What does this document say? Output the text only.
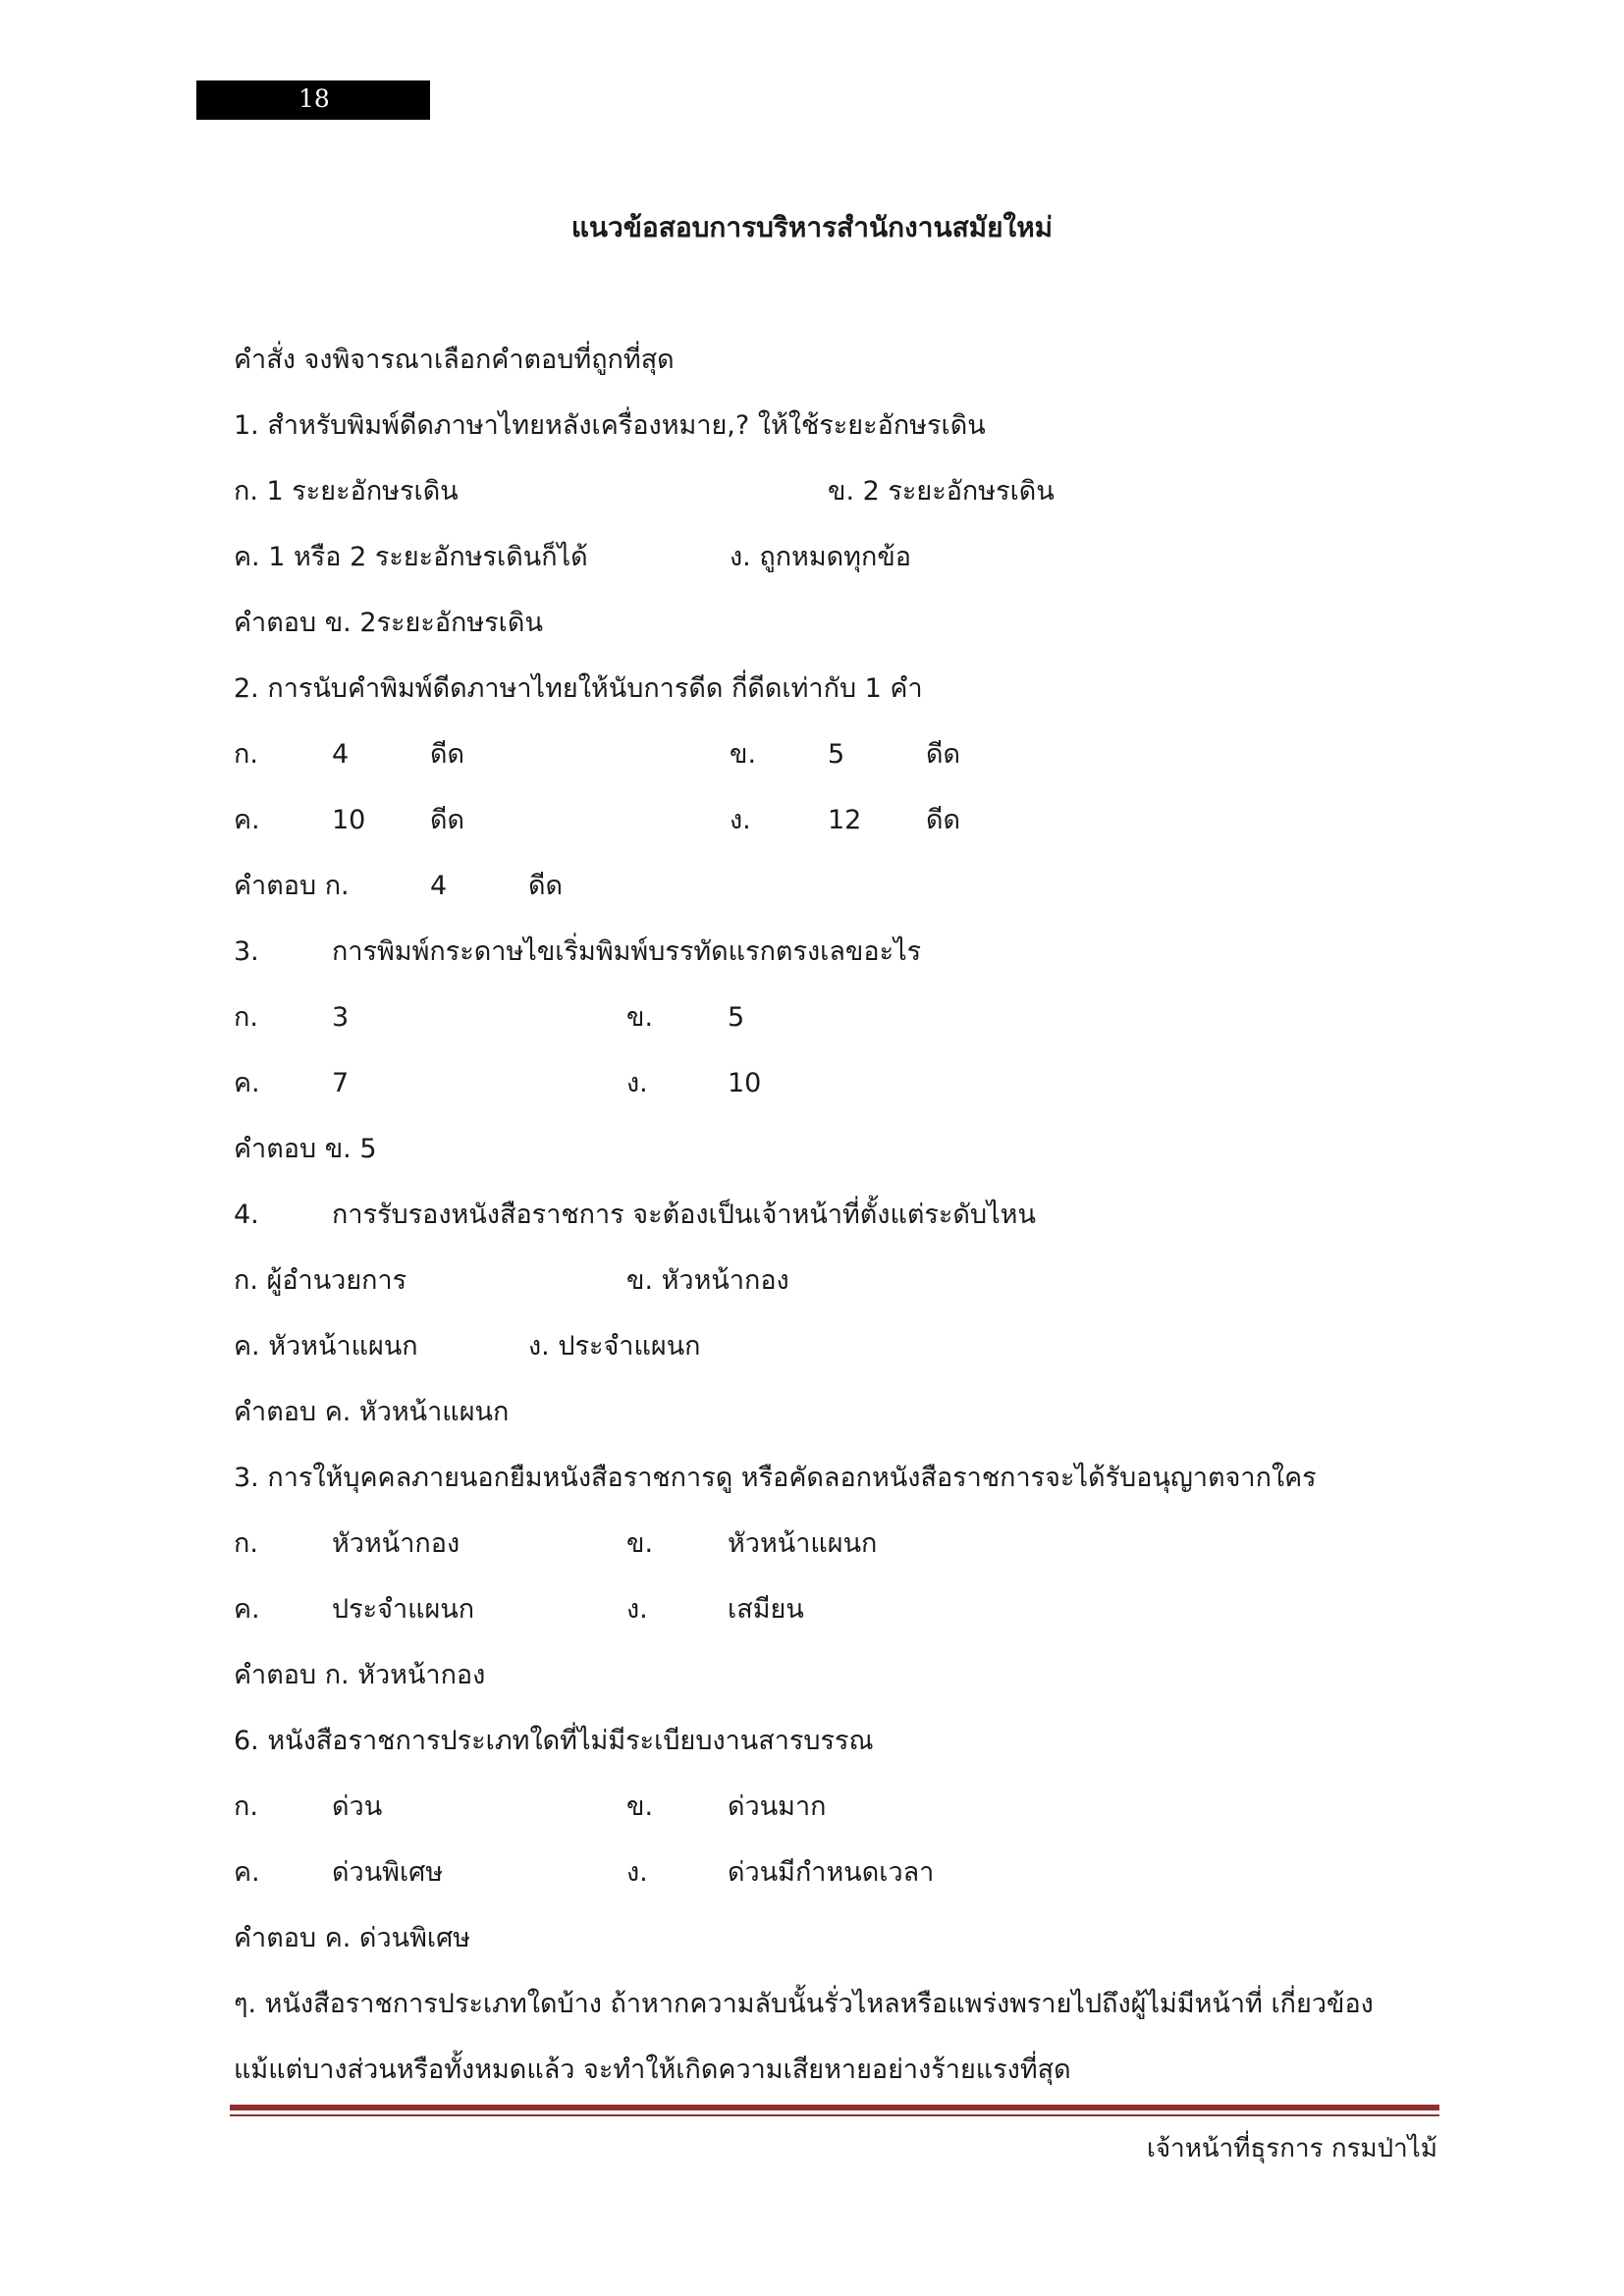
18
แนวข้อสอบการบริหารสำนักงานสมัยใหม่
คำสั่ง จงพิจารณาเลือกคำตอบที่ถูกที่สุด
1. สำหรับพิมพ์ดีดภาษาไทยหลังเครื่องหมาย,? ให้ใช้ระยะอักษรเดิน
ก. 1 ระยะอักษรเดิน	ข. 2 ระยะอักษรเดิน
ค. 1 หรือ 2 ระยะอักษรเดินก็ได้	ง. ถูกหมดทุกข้อ
คำตอบ ข. 2ระยะอักษรเดิน
2. การนับคำพิมพ์ดีดภาษาไทยให้นับการดีด กี่ดีดเท่ากับ 1 คำ
ก.	4	ดีด	ข.	5	ดีด
ค.	10 ดีด	ง.	12 ดีด
คำตอบ ก.	4	ดีด
3.	การพิมพ์กระดาษไขเริ่มพิมพ์บรรทัดแรกตรงเลขอะไร
ก.	3	ข.	5
ค.	7	ง.	10
คำตอบ ข. 5
4.	การรับรองหนังสือราชการ จะต้องเป็นเจ้าหน้าที่ตั้งแต่ระดับไหน
ก. ผู้อำนวยการ	ข. หัวหน้ากอง
ค. หัวหน้าแผนก	ง. ประจำแผนก
คำตอบ ค. หัวหน้าแผนก
3. การให้บุคคลภายนอกยืมหนังสือราชการดู หรือคัดลอกหนังสือราชการจะได้รับอนุญาตจากใคร
ก.	หัวหน้ากอง	ข.	หัวหน้าแผนก
ค.	ประจำแผนก	ง.	เสมียน
คำตอบ ก. หัวหน้ากอง
6. หนังสือราชการประเภทใดที่ไม่มีระเบียบงานสารบรรณ
ก.	ด่วน	ข.	ด่วนมาก
ค.	ด่วนพิเศษ	ง.	ด่วนมีกำหนดเวลา
คำตอบ ค. ด่วนพิเศษ
ๆ. หนังสือราชการประเภทใดบ้าง ถ้าหากความลับนั้นรั่วไหลหรือแพร่งพรายไปถึงผู้ไม่มีหน้าที่ เกี่ยวข้อง
แม้แต่บางส่วนหรือทั้งหมดแล้ว จะทำให้เกิดความเสียหายอย่างร้ายแรงที่สุด
เจ้าหน้าที่ธุรการ กรมป่าไม้
